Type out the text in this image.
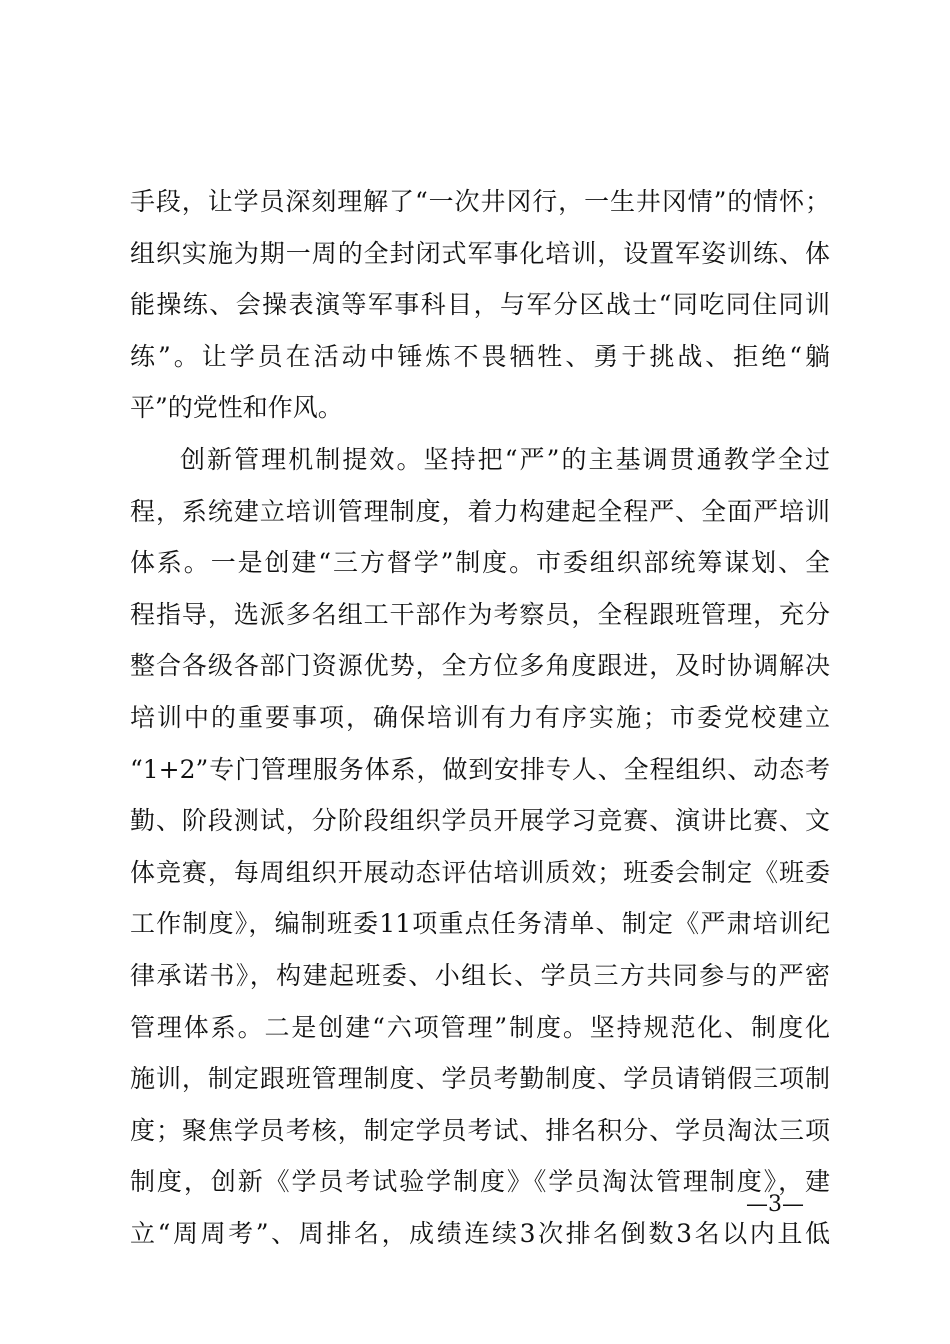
手段，让学员深刻理解了“一次井冈行，一生井冈情”的情怀；
组织实施为期一周的全封闭式军事化培训，设置军姿训练、体
能操练、会操表演等军事科目，与军分区战士“同吃同住同训
练”。让学员在活动中锤炼不畏牺牲、勇于挑战、拒绝“躺
平”的党性和作风。
创新管理机制提效。坚持把“严”的主基调贯通教学全过
程，系统建立培训管理制度，着力构建起全程严、全面严培训
体系。一是创建“三方督学”制度。市委组织部统筹谋划、全
程指导，选派多名组工干部作为考察员，全程跟班管理，充分
整合各级各部门资源优势，全方位多角度跟进，及时协调解决
培训中的重要事项，确保培训有力有序实施；市委党校建立
“1+2”专门管理服务体系，做到安排专人、全程组织、动态考
勤、阶段测试，分阶段组织学员开展学习竞赛、演讲比赛、文
体竞赛，每周组织开展动态评估培训质效；班委会制定《班委
工作制度》，编制班委11项重点任务清单、制定《严肃培训纪
律承诺书》，构建起班委、小组长、学员三方共同参与的严密
管理体系。二是创建“六项管理”制度。坚持规范化、制度化
施训，制定跟班管理制度、学员考勤制度、学员请销假三项制
度；聚焦学员考核，制定学员考试、排名积分、学员淘汰三项
制度，创新《学员考试验学制度》《学员淘汰管理制度》，建
立“周周考”、周排名，成绩连续3次排名倒数3名以内且低
—3—
